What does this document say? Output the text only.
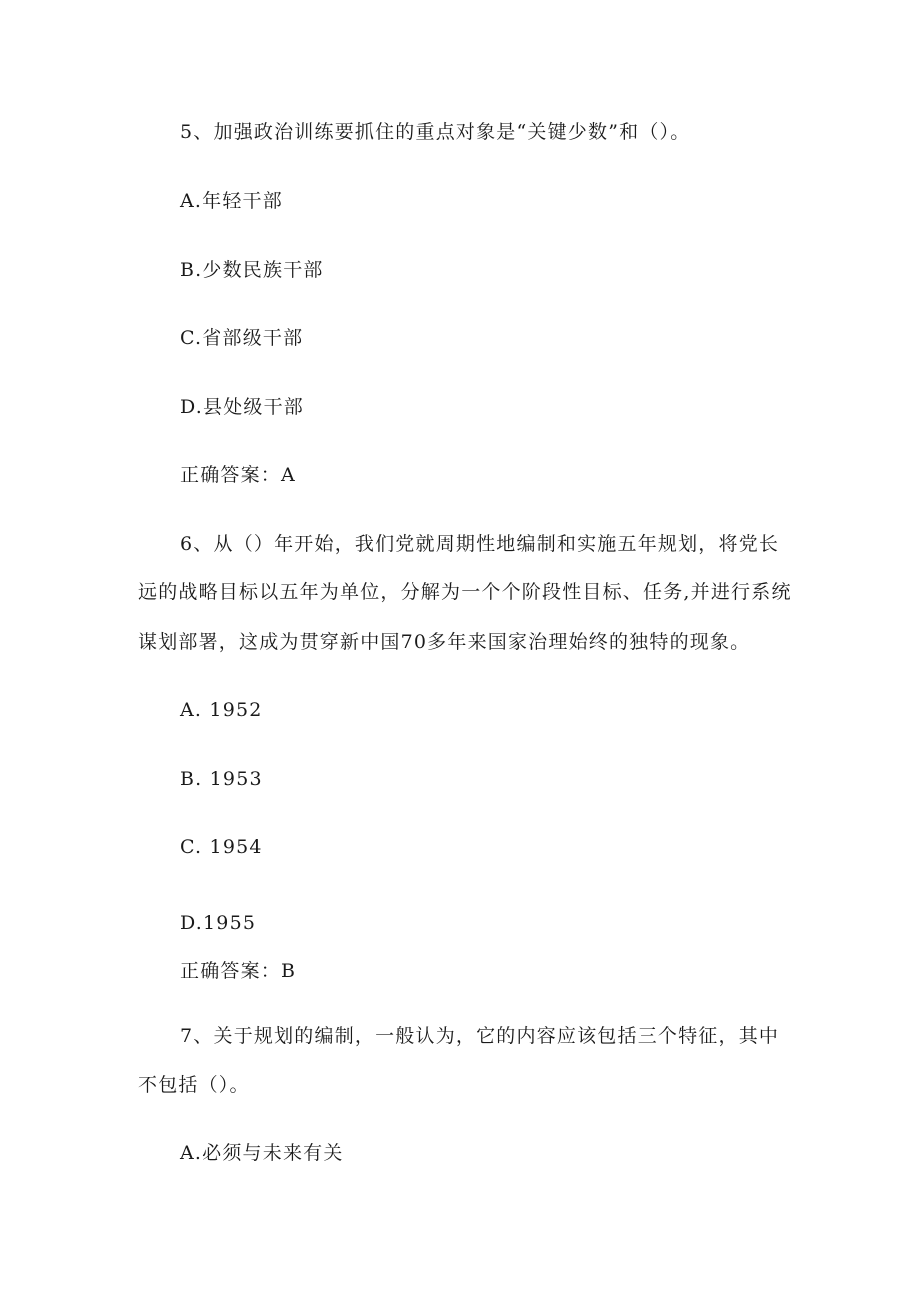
5、加强政治训练要抓住的重点对象是“关键少数”和（）。
A.年轻干部
B.少数民族干部
C.省部级干部
D.县处级干部
正确答案：A
6、从（）年开始，我们党就周期性地编制和实施五年规划，将党长
远的战略目标以五年为单位，分解为一个个阶段性目标、任务,并进行系统
谋划部署，这成为贯穿新中国70多年来国家治理始终的独特的现象。
A. 1952
B. 1953
C. 1954
D.1955
正确答案：B
7、关于规划的编制，一般认为，它的内容应该包括三个特征，其中
不包括（）。
A.必须与未来有关
